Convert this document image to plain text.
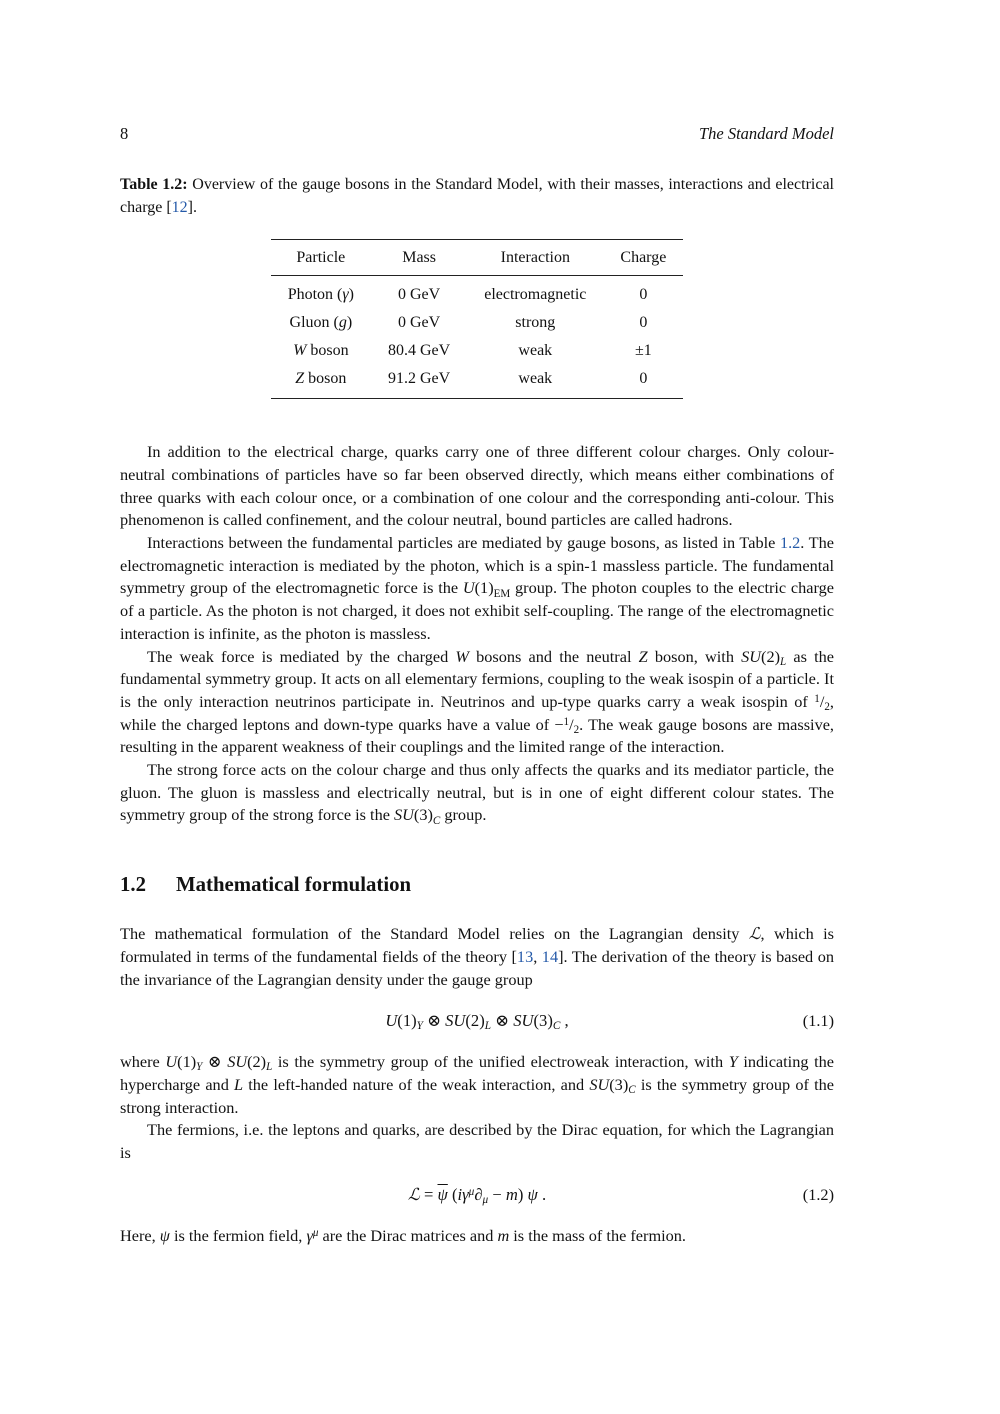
8	The Standard Model
Table 1.2: Overview of the gauge bosons in the Standard Model, with their masses, interactions and electrical charge [12].
Particle	Mass	Interaction	Charge
Photon (γ)	0 GeV	electromagnetic	0
Gluon (g)	0 GeV	strong	0
W boson	80.4 GeV	weak	±1
Z boson	91.2 GeV	weak	0

In addition to the electrical charge, quarks carry one of three different colour charges. Only colour-neutral combinations of particles have so far been observed directly, which means either combinations of three quarks with each colour once, or a combination of one colour and the corresponding anti-colour. This phenomenon is called confinement, and the colour neutral, bound particles are called hadrons.

Interactions between the fundamental particles are mediated by gauge bosons, as listed in Table 1.2. The electromagnetic interaction is mediated by the photon, which is a spin-1 massless particle. The fundamental symmetry group of the electromagnetic force is the $U(1)_{EM}$ group. The photon couples to the electric charge of a particle. As the photon is not charged, it does not exhibit self-coupling. The range of the electromagnetic interaction is infinite, as the photon is massless.

The weak force is mediated by the charged W bosons and the neutral Z boson, with $SU(2)_L$ as the fundamental symmetry group. It acts on all elementary fermions, coupling to the weak isospin of a particle. It is the only interaction neutrinos participate in. Neutrinos and up-type quarks carry a weak isospin of $^1/_2$, while the charged leptons and down-type quarks have a value of $-^1/_2$. The weak gauge bosons are massive, resulting in the apparent weakness of their couplings and the limited range of the interaction.

The strong force acts on the colour charge and thus only affects the quarks and its mediator particle, the gluon. The gluon is massless and electrically neutral, but is in one of eight different colour states. The symmetry group of the strong force is the $SU(3)_C$ group.

1.2 Mathematical formulation

The mathematical formulation of the Standard Model relies on the Lagrangian density ℒ, which is formulated in terms of the fundamental fields of the theory [13, 14]. The derivation of the theory is based on the invariance of the Lagrangian density under the gauge group

$U(1)_Y$ ⊗ $SU(2)_L$ ⊗ $SU(3)_C$ ,	(1.1)

where $U(1)_Y$ ⊗ $SU(2)_L$ is the symmetry group of the unified electroweak interaction, with Y indicating the hypercharge and L the left-handed nature of the weak interaction, and $SU(3)_C$ is the symmetry group of the strong interaction.

The fermions, i.e. the leptons and quarks, are described by the Dirac equation, for which the Lagrangian is

ℒ = $\overline{\psi}$ $(i\gamma^\mu\partial_\mu - m)$ ψ .	(1.2)

Here, ψ is the fermion field, $\gamma^\mu$ are the Dirac matrices and m is the mass of the fermion.
